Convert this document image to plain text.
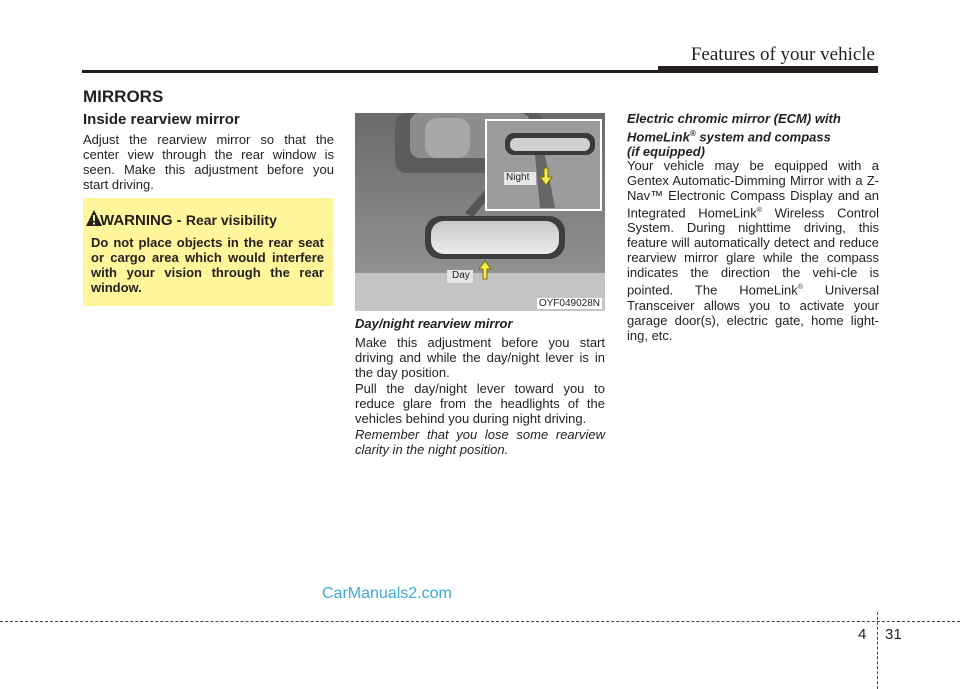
Features of your vehicle
MIRRORS
Inside rearview mirror
Adjust the rearview mirror so that the center view through the rear window is seen. Make this adjustment before you start driving.
WARNING - Rear visibility
Do not place objects in the rear seat or cargo area which would interfere with your vision through the rear window.
Night
Day
OYF049028N
Day/night rearview mirror
Make this adjustment before you start driving and while the day/night lever is in the day position.
Pull the day/night lever toward you to reduce glare from the headlights of the vehicles behind you during night driving.
Remember that you lose some rearview clarity in the night position.
Electric chromic mirror (ECM) with HomeLink® system and compass
(if equipped)
Your vehicle may be equipped with a Gentex Automatic-Dimming Mirror with a Z-Nav™ Electronic Compass Display and an Integrated HomeLink® Wireless Control System. During nighttime driving, this feature will automatically detect and reduce rearview mirror glare while the compass indicates the direction the vehi-cle is pointed. The HomeLink® Universal Transceiver allows you to activate your garage door(s), electric gate, home light-ing, etc.
CarManuals2.com
4 31
